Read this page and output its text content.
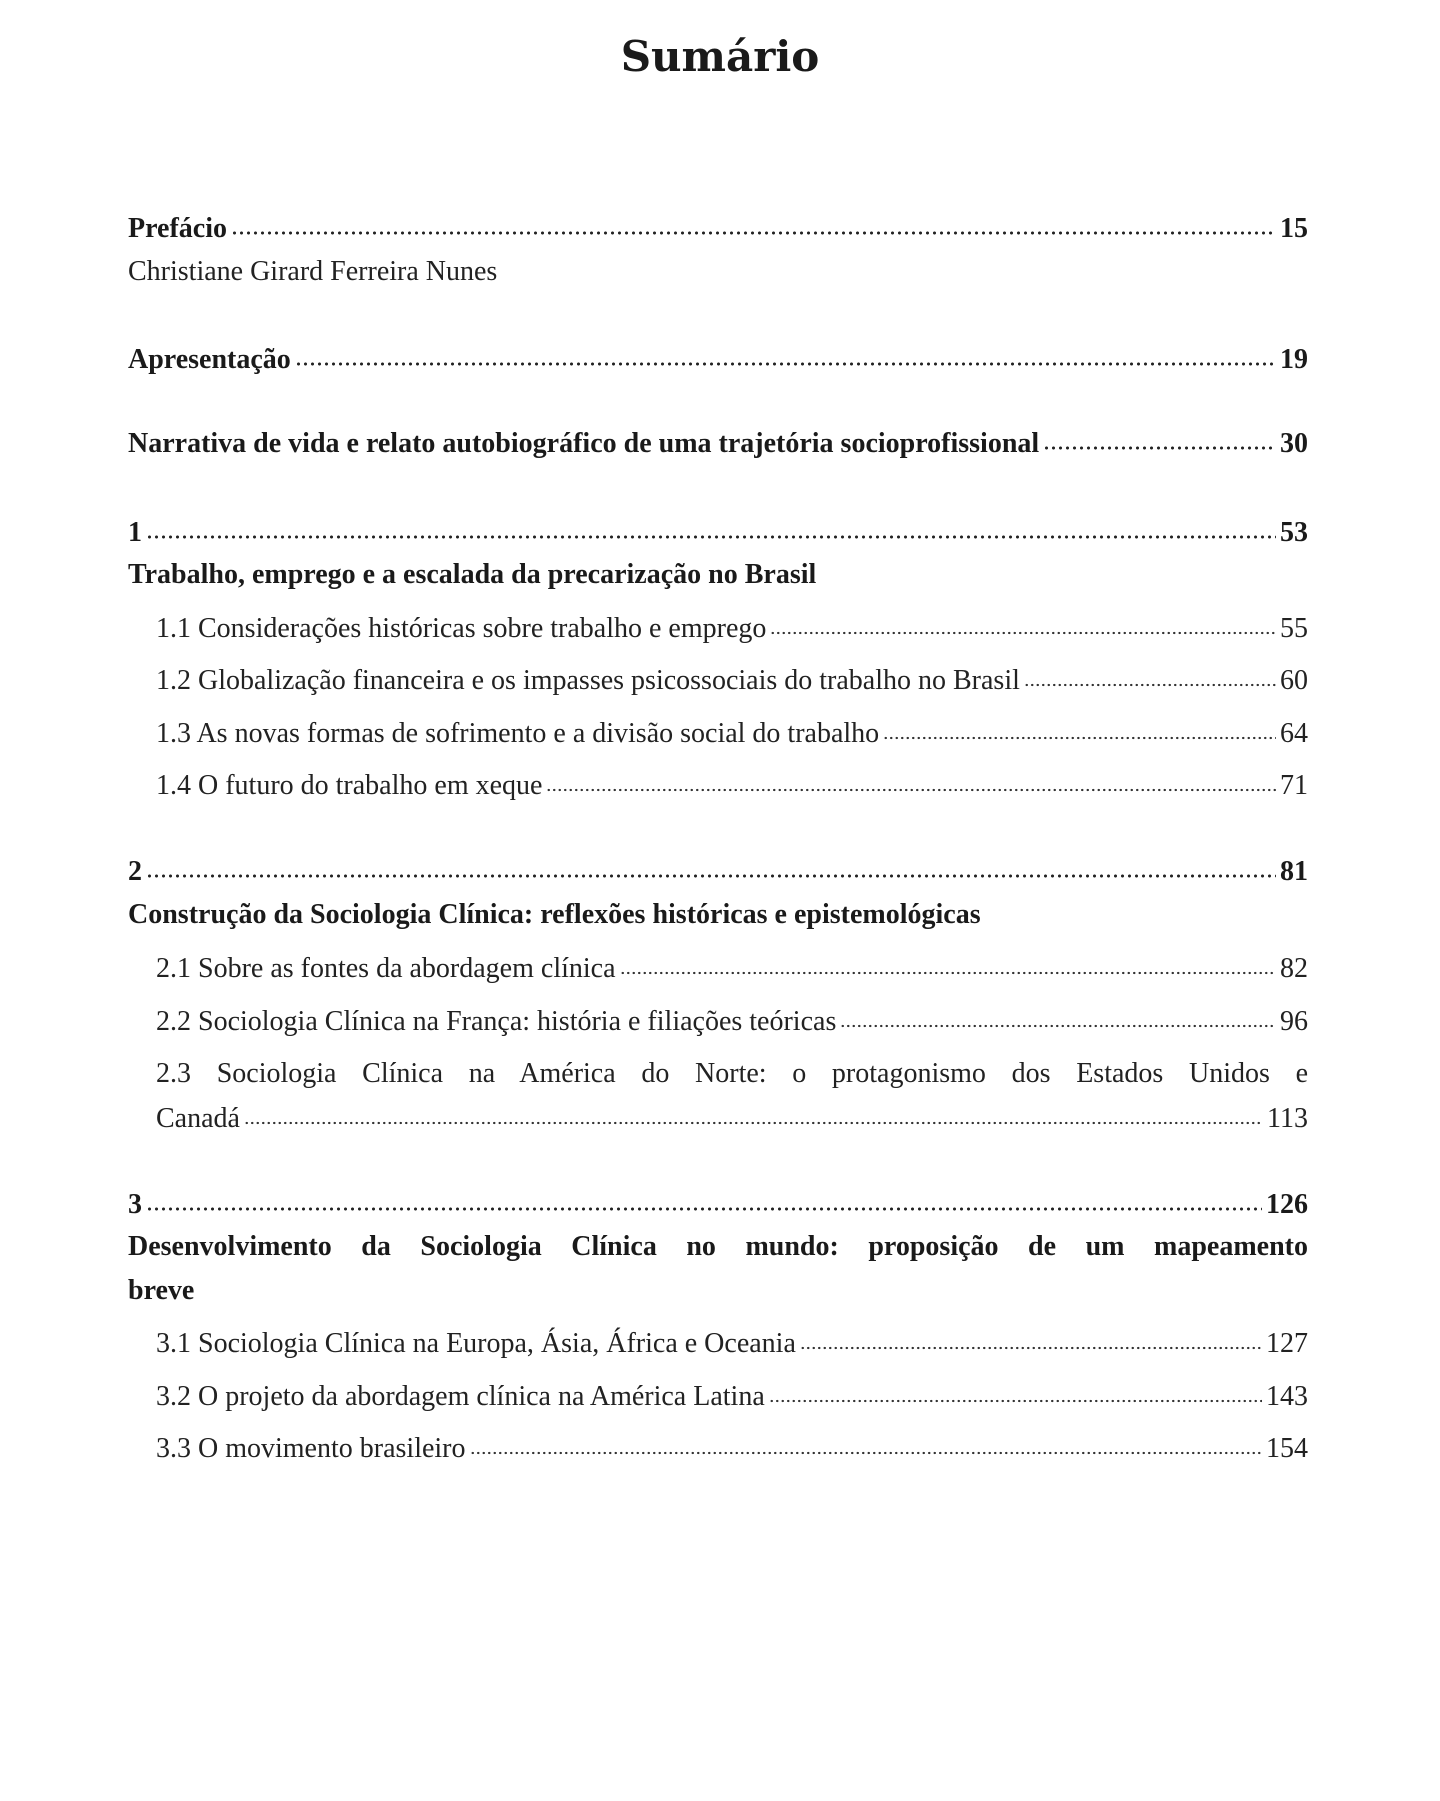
Sumário
Prefácio	15
Christiane Girard Ferreira Nunes
Apresentação	19
Narrativa de vida e relato autobiográfico de uma trajetória socioprofissional	30
1	53
Trabalho, emprego e a escalada da precarização no Brasil
1.1 Considerações históricas sobre trabalho e emprego	55
1.2 Globalização financeira e os impasses psicossociais do trabalho no Brasil	60
1.3 As novas formas de sofrimento e a divisão social do trabalho	64
1.4 O futuro do trabalho em xeque	71
2	81
Construção da Sociologia Clínica: reflexões históricas e epistemológicas
2.1 Sobre as fontes da abordagem clínica	82
2.2 Sociologia Clínica na França: história e filiações teóricas	96
2.3 Sociologia Clínica na América do Norte: o protagonismo dos Estados Unidos e
Canadá	113
3	126
Desenvolvimento da Sociologia Clínica no mundo: proposição de um mapeamento
breve
3.1 Sociologia Clínica na Europa, Ásia, África e Oceania	127
3.2 O projeto da abordagem clínica na América Latina	143
3.3 O movimento brasileiro	154
